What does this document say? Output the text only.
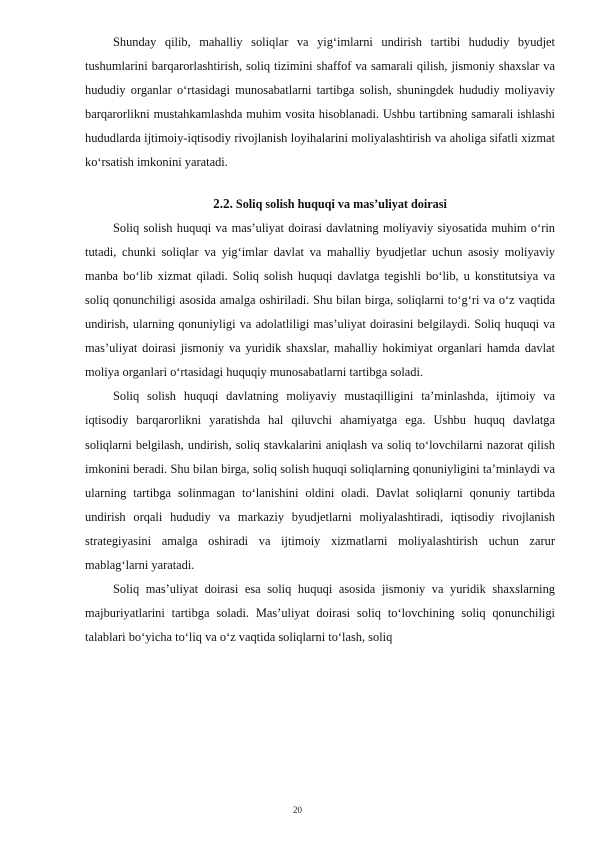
Shunday qilib, mahalliy soliqlar va yig‘imlarni undirish tartibi hududiy byudjet tushumlarini barqarorlashtirish, soliq tizimini shaffof va samarali qilish, jismoniy shaxslar va hududiy organlar o‘rtasidagi munosabatlarni tartibga solish, shuningdek hududiy moliyaviy barqarorlikni mustahkamlashda muhim vosita hisoblanadi. Ushbu tartibning samarali ishlashi hududlarda ijtimoiy-iqtisodiy rivojlanish loyihalarini moliyalashtirish va aholiga sifatli xizmat ko‘rsatish imkonini yaratadi.

2.2. Soliq solish huquqi va mas’uliyat doirasi

Soliq solish huquqi va mas’uliyat doirasi davlatning moliyaviy siyosatida muhim o‘rin tutadi, chunki soliqlar va yig‘imlar davlat va mahalliy byudjetlar uchun asosiy moliyaviy manba bo‘lib xizmat qiladi. Soliq solish huquqi davlatga tegishli bo‘lib, u konstitutsiya va soliq qonunchiligi asosida amalga oshiriladi. Shu bilan birga, soliqlarni to‘g‘ri va o‘z vaqtida undirish, ularning qonuniyligi va adolatliligi mas’uliyat doirasini belgilaydi. Soliq huquqi va mas’uliyat doirasi jismoniy va yuridik shaxslar, mahalliy hokimiyat organlari hamda davlat moliya organlari o‘rtasidagi huquqiy munosabatlarni tartibga soladi.

Soliq solish huquqi davlatning moliyaviy mustaqilligini ta’minlashda, ijtimoiy va iqtisodiy barqarorlikni yaratishda hal qiluvchi ahamiyatga ega. Ushbu huquq davlatga soliqlarni belgilash, undirish, soliq stavkalarini aniqlash va soliq to‘lovchilarni nazorat qilish imkonini beradi. Shu bilan birga, soliq solish huquqi soliqlarning qonuniyligini ta’minlaydi va ularning tartibga solinmagan to‘lanishini oldini oladi. Davlat soliqlarni qonuniy tartibda undirish orqali hududiy va markaziy byudjetlarni moliyalashtiradi, iqtisodiy rivojlanish strategiyasini amalga oshiradi va ijtimoiy xizmatlarni moliyalashtirish uchun zarur mablag‘larni yaratadi.

Soliq mas’uliyat doirasi esa soliq huquqi asosida jismoniy va yuridik shaxslarning majburiyatlarini tartibga soladi. Mas’uliyat doirasi soliq to‘lovchining soliq qonunchiligi talablari bo‘yicha to‘liq va o‘z vaqtida soliqlarni to‘lash, soliq

20
